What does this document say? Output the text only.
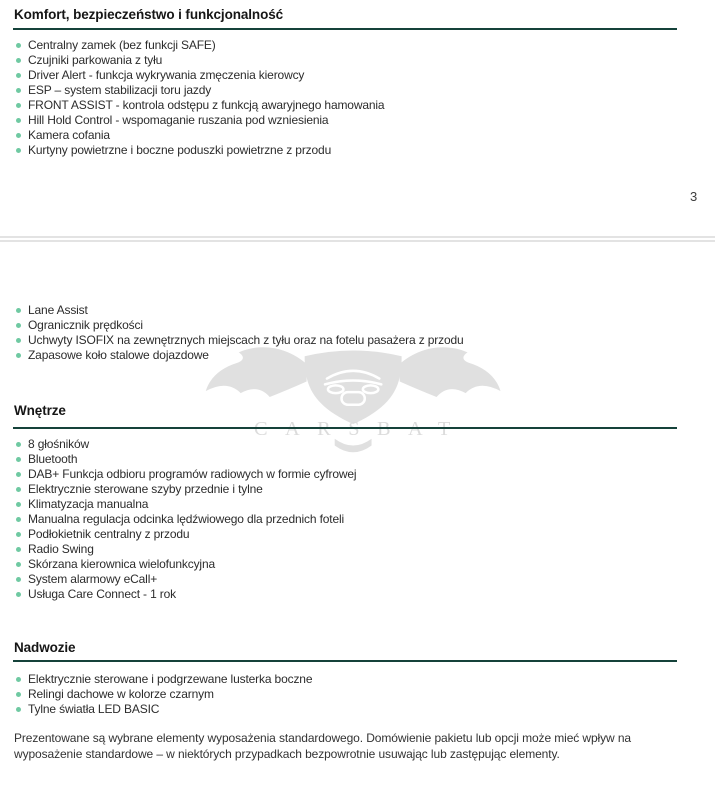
Komfort, bezpieczeństwo i funkcjonalność
Centralny zamek (bez funkcji SAFE)
Czujniki parkowania z tyłu
Driver Alert - funkcja wykrywania zmęczenia kierowcy
ESP – system stabilizacji toru jazdy
FRONT ASSIST - kontrola odstępu z funkcją awaryjnego hamowania
Hill Hold Control - wspomaganie ruszania pod wzniesienia
Kamera cofania
Kurtyny powietrzne i boczne poduszki powietrzne z przodu
3
Lane Assist
Ogranicznik prędkości
Uchwyty ISOFIX na zewnętrznych miejscach z tyłu oraz na fotelu pasażera z przodu
Zapasowe koło stalowe dojazdowe
Wnętrze
8 głośników
Bluetooth
DAB+ Funkcja odbioru programów radiowych w formie cyfrowej
Elektrycznie sterowane szyby przednie i tylne
Klimatyzacja manualna
Manualna regulacja odcinka lędźwiowego dla przednich foteli
Podłokietnik centralny z przodu
Radio Swing
Skórzana kierownica wielofunkcyjna
System alarmowy eCall+
Usługa Care Connect - 1 rok
Nadwozie
Elektrycznie sterowane i podgrzewane lusterka boczne
Relingi dachowe w kolorze czarnym
Tylne światła LED BASIC

Prezentowane są wybrane elementy wyposażenia standardowego. Domówienie pakietu lub opcji może mieć wpływ na wyposażenie standardowe – w niektórych przypadkach bezpowrotnie usuwając lub zastępując elementy.
